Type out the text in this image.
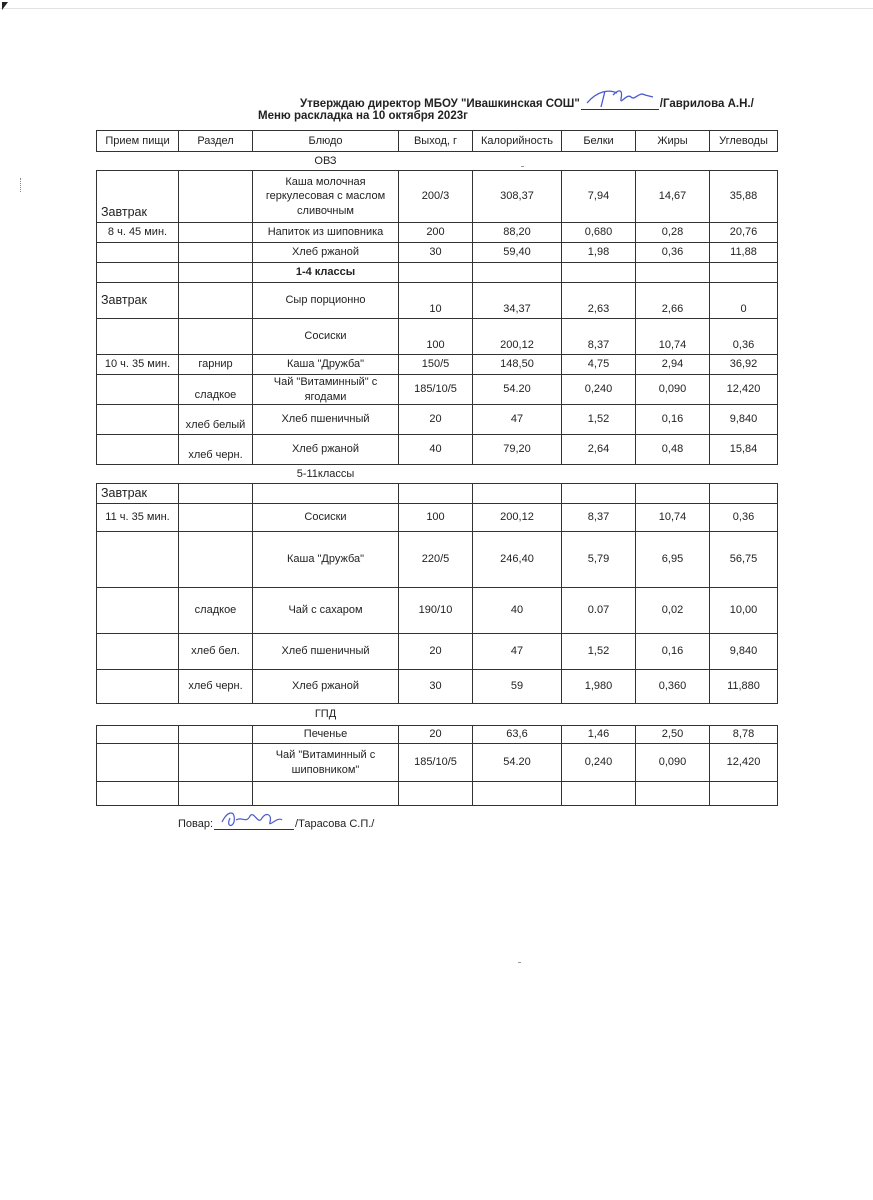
Утверждаю директор МБОУ "Ивашкинская СОШ"	/Гаврилова А.Н./
Меню раскладка на 10 октября 2023г
Прием пищи	Раздел	Блюдо	Выход, г	Калорийность	Белки	Жиры	Углеводы
		ОВЗ					
Завтрак		Каша молочная геркулесовая с маслом сливочным	200/3	308,37	7,94	14,67	35,88
8 ч. 45 мин.		Напиток из шиповника	200	88,20	0,680	0,28	20,76
		Хлеб ржаной	30	59,40	1,98	0,36	11,88
		1-4 классы					
Завтрак		Сыр порционно	10	34,37	2,63	2,66	0
		Сосиски	100	200,12	8,37	10,74	0,36
10 ч. 35 мин.	гарнир	Каша "Дружба"	150/5	148,50	4,75	2,94	36,92
	сладкое	Чай "Витаминный" с ягодами	185/10/5	54.20	0,240	0,090	12,420
	хлеб белый	Хлеб пшеничный	20	47	1,52	0,16	9,840
	хлеб черн.	Хлеб ржаной	40	79,20	2,64	0,48	15,84
		5-11классы					
Завтрак							
11 ч. 35 мин.		Сосиски	100	200,12	8,37	10,74	0,36
		Каша "Дружба"	220/5	246,40	5,79	6,95	56,75
	сладкое	Чай с сахаром	190/10	40	0.07	0,02	10,00
	хлеб бел.	Хлеб пшеничный	20	47	1,52	0,16	9,840
	хлеб черн.	Хлеб ржаной	30	59	1,980	0,360	11,880
		ГПД					
		Печенье	20	63,6	1,46	2,50	8,78
		Чай "Витаминный с шиповником"	185/10/5	54.20	0,240	0,090	12,420

Повар:	/Тарасова С.П./
